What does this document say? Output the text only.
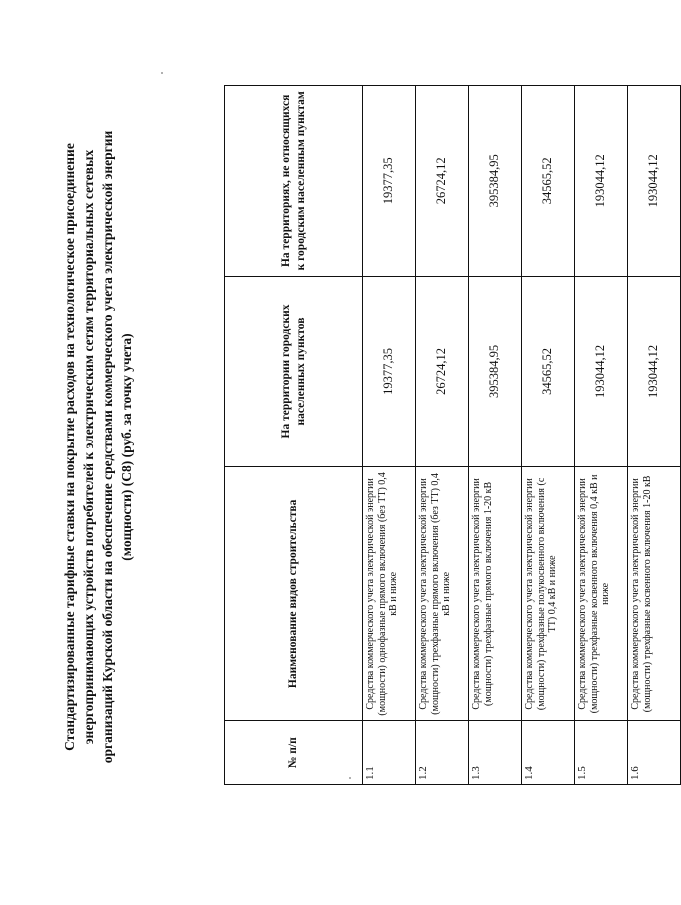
Стандартизированные тарифные ставки на покрытие расходов на технологическое присоединение энергопринимающих устройств потребителей к электрическим сетям территориальных сетевых организаций Курской области на обеспечение средствами коммерческого учета электрической энергии (мощности) (С8) (руб. за точку учета)
№ п/п	Наименование видов строительства	На территории городских населенных пунктов	На территориях, не относящихся к городским населенным пунктам
1.1	Средства коммерческого учета электрической энергии (мощности) однофазные прямого включения (без ТТ) 0,4 кВ и ниже	19377,35	19377,35
1.2	Средства коммерческого учета электрической энергии (мощности) трехфазные прямого включения (без ТТ) 0,4 кВ и ниже	26724,12	26724,12
1.3	Средства коммерческого учета электрической энергии (мощности) трехфазные прямого включения 1-20 кВ	395384,95	395384,95
1.4	Средства коммерческого учета электрической энергии (мощности) трехфазные полукосвенного включения (с ТТ) 0,4 кВ и ниже	34565,52	34565,52
1.5	Средства коммерческого учета электрической энергии (мощности) трехфазные косвенного включения 0,4 кВ и ниже	193044,12	193044,12
1.6	Средства коммерческого учета электрической энергии (мощности) трехфазные косвенного включения 1-20 кВ	193044,12	193044,12
